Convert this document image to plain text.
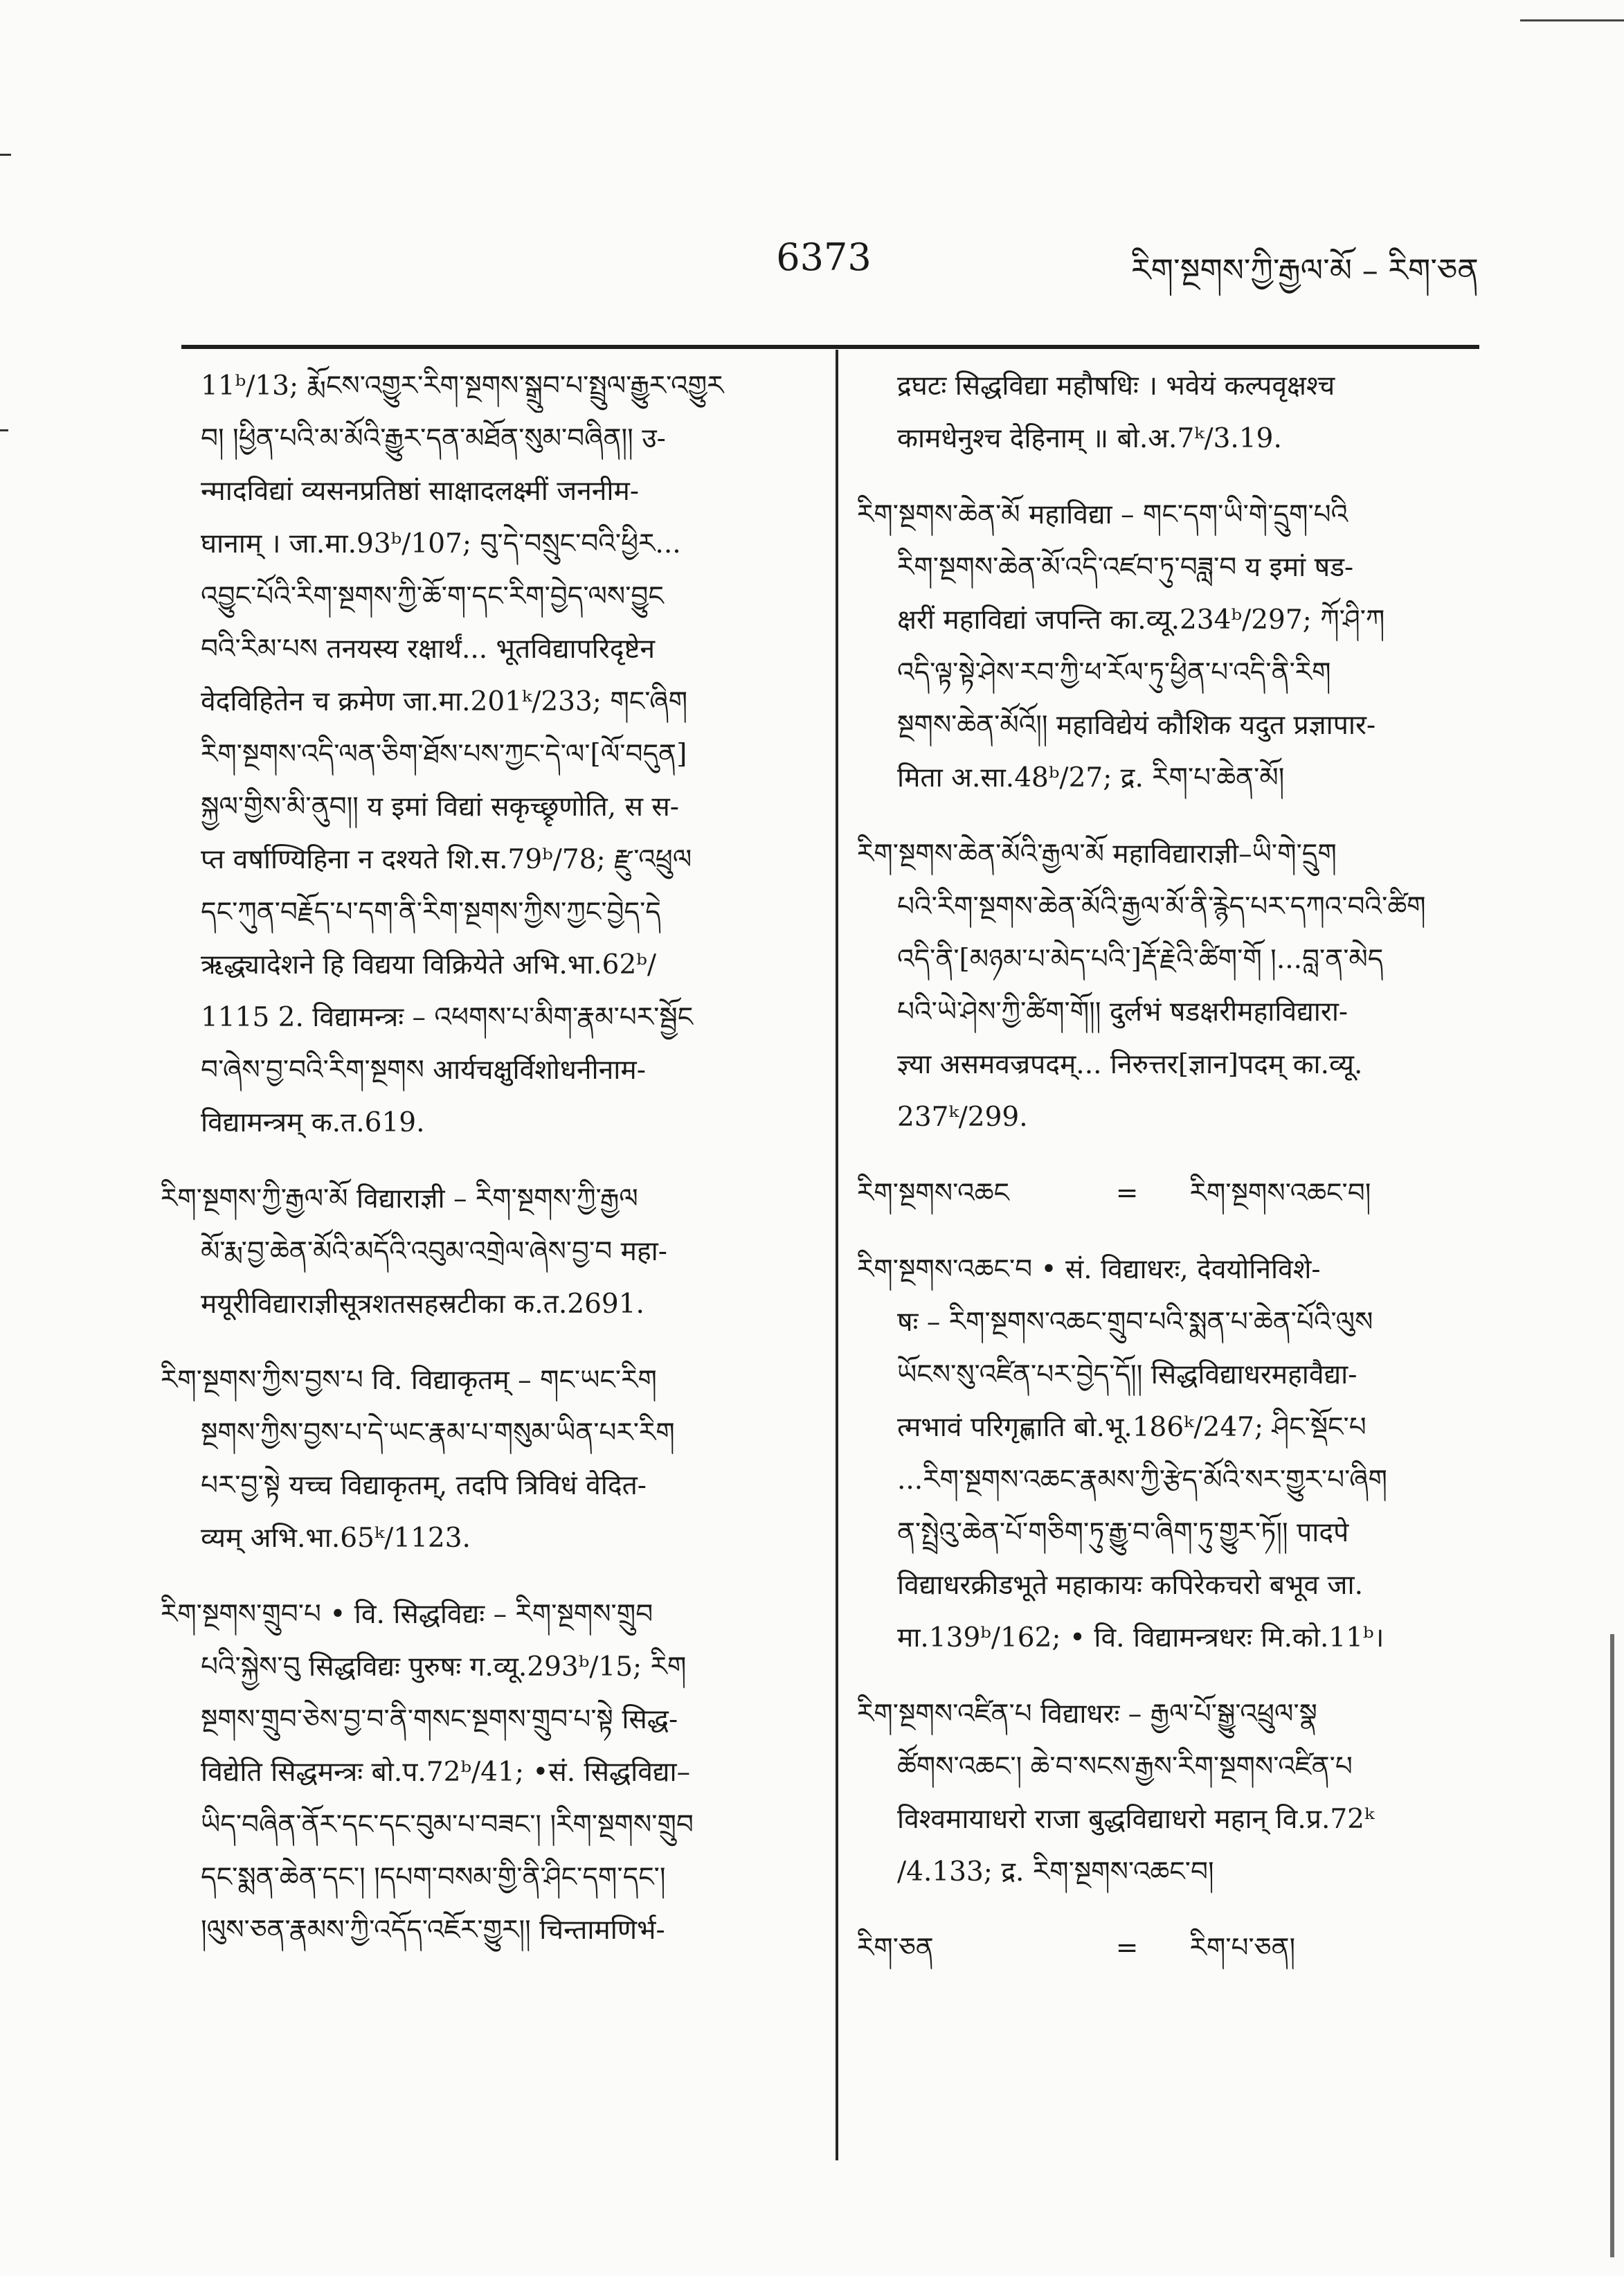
6373	རིག་སྔགས་ཀྱི་རྒྱལ་མོ – རིག་ཅན
11ᵇ/13; རྨོངས་འགྱུར་རིག་སྔགས་སྒྲུབ་པ་སྤྲུལ་རྒྱུར་འགྱུར
བ། །ཕྱིན་པའི་མ་མོའི་རྒྱུར་དན་མཐོན་སུམ་བཞིན།། उ-
न्मादविद्यां व्यसनप्रतिष्ठां साक्षादलक्ष्मीं जननीम-
घानाम् । जा.मा.93ᵇ/107; བུ་དེ་བསྲུང་བའི་ཕྱིར...
འབྱུང་པོའི་རིག་སྔགས་ཀྱི་ཆོ་ག་དང་རིག་བྱེད་ལས་བྱུང
བའི་རིམ་པས तनयस्य रक्षार्थं... भूतविद्यापरिदृष्टेन
वेदविहितेन च क्रमेण जा.मा.201ᵏ/233; གང་ཞིག
རིག་སྔགས་འདི་ལན་ཅིག་ཐོས་པས་ཀྱང་དེ་ལ་[ལོ་བདུན]
སྐྱལ་གྱིས་མི་ནུབ།། य इमां विद्यां सकृच्छ्रृणोति, स स-
प्त वर्षाण्यिहिना न दश्यते शि.स.79ᵇ/78; རྫུ་འཕྲུལ
དང་ཀུན་བརྗོད་པ་དག་ནི་རིག་སྔགས་ཀྱིས་ཀྱང་བྱེད་དེ
ऋद्ध्यादेशने हि विद्यया विक्रियेते अभि.भा.62ᵇ/
1115 2. विद्यामन्त्रः – འཕགས་པ་མིག་རྣམ་པར་སྦྱོང
བ་ཞེས་བྱ་བའི་རིག་སྔགས आर्यचक्षुर्विशोधनीनाम-
विद्यामन्त्रम् क.त.619.
རིག་སྔགས་ཀྱི་རྒྱལ་མོ विद्याराज्ञी – རིག་སྔགས་ཀྱི་རྒྱལ
མོ་རྨ་བྱ་ཆེན་མོའི་མདོའི་འབུམ་འགྲེལ་ཞེས་བྱ་བ महा-
मयूरीविद्याराज्ञीसूत्रशतसहस्रटीका क.त.2691.
རིག་སྔགས་ཀྱིས་བྱས་པ वि. विद्याकृतम् – གང་ཡང་རིག
སྔགས་ཀྱིས་བྱས་པ་དེ་ཡང་རྣམ་པ་གསུམ་ཡིན་པར་རིག
པར་བྱ་སྟེ यच्च विद्याकृतम्, तदपि त्रिविधं वेदित-
व्यम् अभि.भा.65ᵏ/1123.
རིག་སྔགས་གྲུབ་པ • वि. सिद्धविद्यः – རིག་སྔགས་གྲུབ
པའི་སྐྱེས་བུ सिद्धविद्यः पुरुषः ग.व्यू.293ᵇ/15; རིག
སྔགས་གྲུབ་ཅེས་བྱ་བ་ནི་གསང་སྔགས་གྲུབ་པ་སྟེ सिद्ध-
विद्येति सिद्धमन्त्रः बो.प.72ᵇ/41; •सं. सिद्धविद्या–
ཡིད་བཞིན་ནོར་དང་དང་བུམ་པ་བཟང་། །རིག་སྔགས་གྲུབ
དང་སྨན་ཆེན་དང་། །དཔག་བསམ་གྱི་ནི་ཤིང་དག་དང་།
།ལུས་ཅན་རྣམས་ཀྱི་འདོད་འཇོར་གྱུར།། चिन्तामणिर्भ-
द्रघटः सिद्धविद्या महौषधिः । भवेयं कल्पवृक्षश्च
कामधेनुश्च देहिनाम् ॥ बो.अ.7ᵏ/3.19.
རིག་སྔགས་ཆེན་མོ महाविद्या – གང་དག་ཡི་གེ་དྲུག་པའི
རིག་སྔགས་ཆེན་མོ་འདི་འཛབ་ཏུ་བཟླ་བ य इमां षड-
क्षरीं महाविद्यां जपन्ति का.व्यू.234ᵇ/297; ཀོ་ཤི་ཀ
འདི་ལྟ་སྟེ་ཤེས་རབ་ཀྱི་ཕ་རོལ་ཏུ་ཕྱིན་པ་འདི་ནི་རིག
སྔགས་ཆེན་མོའོ།། महाविद्येयं कौशिक यदुत प्रज्ञापार-
मिता अ.सा.48ᵇ/27; द्र. རིག་པ་ཆེན་མོ།
རིག་སྔགས་ཆེན་མོའི་རྒྱལ་མོ महाविद्याराज्ञी–ཡི་གེ་དྲུག
པའི་རིག་སྔགས་ཆེན་མོའི་རྒྱལ་མོ་ནི་རྙེད་པར་དཀའ་བའི་ཚིག
འདི་ནི་[མཉམ་པ་མེད་པའི་]རྡོ་རྗེའི་ཚིག་གོ །...བླ་ན་མེད
པའི་ཡེ་ཤེས་ཀྱི་ཚིག་གོ།། दुर्लभं षडक्षरीमहाविद्यारा-
ज्ञ्या असमवज्रपदम्... निरुत्तर[ज्ञान]पदम् का.व्यू.
237ᵏ/299.
རིག་སྔགས་འཆང	=	རིག་སྔགས་འཆང་བ།
རིག་སྔགས་འཆང་བ • सं. विद्याधरः, देवयोनिविशे-
षः – རིག་སྔགས་འཆང་གྲུབ་པའི་སྨན་པ་ཆེན་པོའི་ལུས
ཡོངས་སུ་འཛིན་པར་བྱེད་དོ།། सिद्धविद्याधरमहावैद्या-
त्मभावं परिगृह्णाति बो.भू.186ᵏ/247; ཤིང་སྡོང་པ
...རིག་སྔགས་འཆང་རྣམས་ཀྱི་རྩེད་མོའི་སར་གྱུར་པ་ཞིག
ན་སྤྲེའུ་ཆེན་པོ་གཅིག་ཏུ་རྒྱུ་བ་ཞིག་ཏུ་གྱུར་ཏོ།། पादपे
विद्याधरक्रीडभूते महाकायः कपिरेकचरो बभूव जा.
मा.139ᵇ/162; • वि. विद्यामन्त्रधरः मि.को.11ᵇ।
རིག་སྔགས་འཛིན་པ विद्याधरः – རྒྱལ་པོ་སྒྱུ་འཕྲུལ་སྣ
ཚོགས་འཆང་། ཆེ་བ་སངས་རྒྱས་རིག་སྔགས་འཛིན་པ
विश्वमायाधरो राजा बुद्धविद्याधरो महान् वि.प्र.72ᵏ
/4.133; द्र. རིག་སྔགས་འཆང་བ།
རིག་ཅན	=	རིག་པ་ཅན།
